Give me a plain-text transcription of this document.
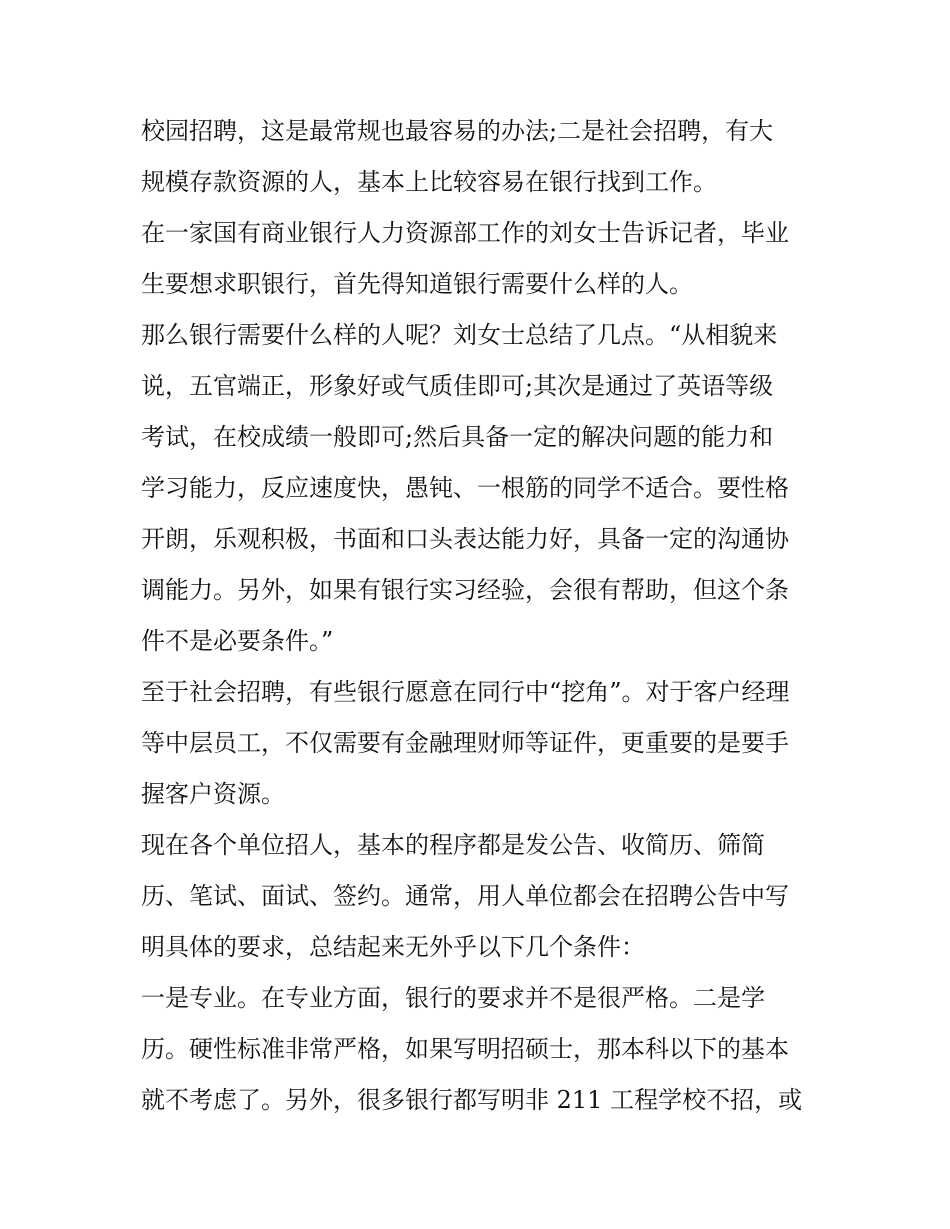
校园招聘，这是最常规也最容易的办法;二是社会招聘，有大
规模存款资源的人，基本上比较容易在银行找到工作。
在一家国有商业银行人力资源部工作的刘女士告诉记者，毕业
生要想求职银行，首先得知道银行需要什么样的人。
那么银行需要什么样的人呢？刘女士总结了几点。“从相貌来
说，五官端正，形象好或气质佳即可;其次是通过了英语等级
考试，在校成绩一般即可;然后具备一定的解决问题的能力和
学习能力，反应速度快，愚钝、一根筋的同学不适合。要性格
开朗，乐观积极，书面和口头表达能力好，具备一定的沟通协
调能力。另外，如果有银行实习经验，会很有帮助，但这个条
件不是必要条件。”
至于社会招聘，有些银行愿意在同行中“挖角”。对于客户经理
等中层员工，不仅需要有金融理财师等证件，更重要的是要手
握客户资源。
现在各个单位招人，基本的程序都是发公告、收简历、筛简
历、笔试、面试、签约。通常，用人单位都会在招聘公告中写
明具体的要求，总结起来无外乎以下几个条件：
一是专业。在专业方面，银行的要求并不是很严格。二是学
历。硬性标准非常严格，如果写明招硕士，那本科以下的基本
就不考虑了。另外，很多银行都写明非 211 工程学校不招，或
